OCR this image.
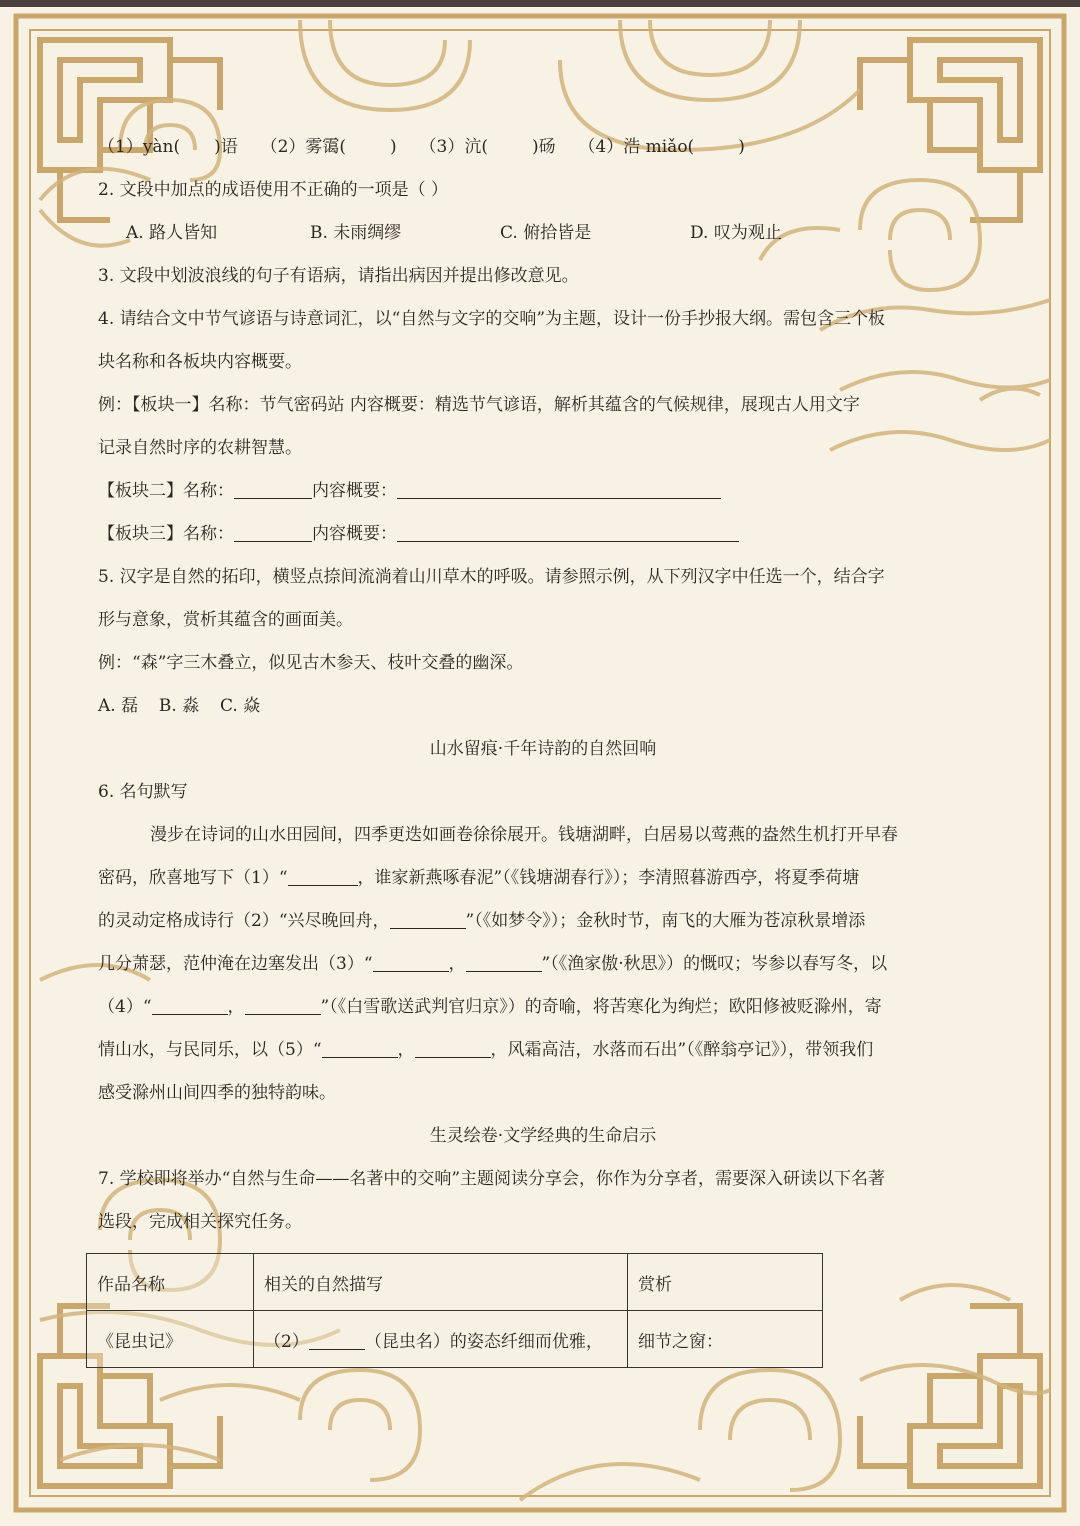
（1）yàn( )语 （2）雾霭(	) （3）沆(	)砀 （4）浩 miǎo(	)
2. 文段中加点的成语使用不正确的一项是（ ）
A. 路人皆知	B. 未雨绸缪	C. 俯拾皆是	D. 叹为观止
3. 文段中划波浪线的句子有语病，请指出病因并提出修改意见。
4. 请结合文中节气谚语与诗意词汇，以“自然与文字的交响”为主题，设计一份手抄报大纲。需包含三个板
块名称和各板块内容概要。
例：【板块一】名称：节气密码站 内容概要：精选节气谚语，解析其蕴含的气候规律，展现古人用文字
记录自然时序的农耕智慧。
【板块二】名称：	内容概要：
【板块三】名称：	内容概要：
5. 汉字是自然的拓印，横竖点捺间流淌着山川草木的呼吸。请参照示例，从下列汉字中任选一个，结合字
形与意象，赏析其蕴含的画面美。
例：“森”字三木叠立，似见古木参天、枝叶交叠的幽深。
A. 磊 B. 淼 C. 焱
山水留痕·千年诗韵的自然回响
6. 名句默写
漫步在诗词的山水田园间，四季更迭如画卷徐徐展开。钱塘湖畔，白居易以莺燕的盎然生机打开早春
密码，欣喜地写下（1）“	，谁家新燕啄春泥”（《钱塘湖春行》）；李清照暮游西亭，将夏季荷塘
的灵动定格成诗行（2）“兴尽晚回舟，	”（《如梦令》）；金秋时节，南飞的大雁为苍凉秋景增添
几分萧瑟，范仲淹在边塞发出（3）“	，	”（《渔家傲·秋思》）的慨叹；岑参以春写冬，以
（4）“	，	”（《白雪歌送武判官归京》）的奇喻，将苦寒化为绚烂；欧阳修被贬滁州，寄
情山水，与民同乐，以（5）“	，	，风霜高洁，水落而石出”（《醉翁亭记》），带领我们
感受滁州山间四季的独特韵味。
生灵绘卷·文学经典的生命启示
7. 学校即将举办“自然与生命——名著中的交响”主题阅读分享会，你作为分享者，需要深入研读以下名著
选段，完成相关探究任务。
作品名称	相关的自然描写	赏析
《昆虫记》	（2） （昆虫名）的姿态纤细而优雅，	细节之窗：
